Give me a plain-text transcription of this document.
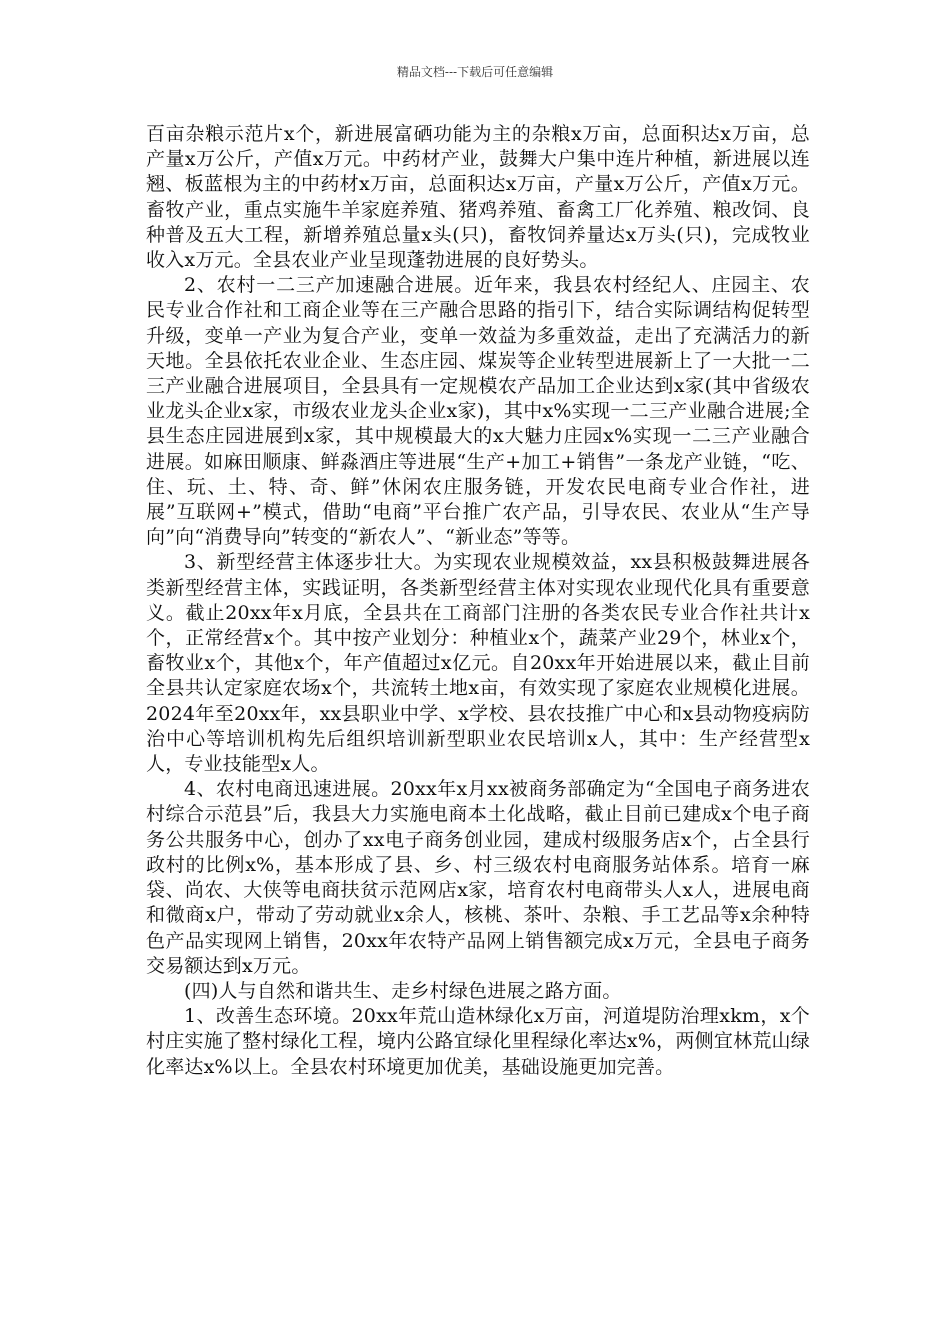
精品文档---下载后可任意编辑

百亩杂粮示范片x个，新进展富硒功能为主的杂粮x万亩，总面积达x万亩，总产量x万公斤，产值x万元。中药材产业，鼓舞大户集中连片种植，新进展以连翘、板蓝根为主的中药材x万亩，总面积达x万亩，产量x万公斤，产值x万元。畜牧产业，重点实施牛羊家庭养殖、猪鸡养殖、畜禽工厂化养殖、粮改饲、良种普及五大工程，新增养殖总量x头(只)，畜牧饲养量达x万头(只)，完成牧业收入x万元。全县农业产业呈现蓬勃进展的良好势头。

2、农村一二三产加速融合进展。近年来，我县农村经纪人、庄园主、农民专业合作社和工商企业等在三产融合思路的指引下，结合实际调结构促转型升级，变单一产业为复合产业，变单一效益为多重效益，走出了充满活力的新天地。全县依托农业企业、生态庄园、煤炭等企业转型进展新上了一大批一二三产业融合进展项目，全县具有一定规模农产品加工企业达到x家(其中省级农业龙头企业x家，市级农业龙头企业x家)，其中x%实现一二三产业融合进展;全县生态庄园进展到x家，其中规模最大的x大魅力庄园x%实现一二三产业融合进展。如麻田顺康、鲜淼酒庄等进展“生产+加工+销售”一条龙产业链，“吃、住、玩、土、特、奇、鲜”休闲农庄服务链，开发农民电商专业合作社，进展”互联网+”模式，借助“电商”平台推广农产品，引导农民、农业从“生产导向”向“消费导向”转变的“新农人”、“新业态”等等。

3、新型经营主体逐步壮大。为实现农业规模效益，xx县积极鼓舞进展各类新型经营主体，实践证明，各类新型经营主体对实现农业现代化具有重要意义。截止20xx年x月底，全县共在工商部门注册的各类农民专业合作社共计x个，正常经营x个。其中按产业划分：种植业x个，蔬菜产业29个，林业x个，畜牧业x个，其他x个，年产值超过x亿元。自20xx年开始进展以来，截止目前全县共认定家庭农场x个，共流转土地x亩，有效实现了家庭农业规模化进展。2024年至20xx年，xx县职业中学、x学校、县农技推广中心和x县动物疫病防治中心等培训机构先后组织培训新型职业农民培训x人，其中：生产经营型x人，专业技能型x人。

4、农村电商迅速进展。20xx年x月xx被商务部确定为“全国电子商务进农村综合示范县”后，我县大力实施电商本土化战略，截止目前已建成x个电子商务公共服务中心，创办了xx电子商务创业园，建成村级服务店x个，占全县行政村的比例x%，基本形成了县、乡、村三级农村电商服务站体系。培育一麻袋、尚农、大侠等电商扶贫示范网店x家，培育农村电商带头人x人，进展电商和微商x户，带动了劳动就业x余人，核桃、茶叶、杂粮、手工艺品等x余种特色产品实现网上销售，20xx年农特产品网上销售额完成x万元，全县电子商务交易额达到x万元。

(四)人与自然和谐共生、走乡村绿色进展之路方面。

1、改善生态环境。20xx年荒山造林绿化x万亩，河道堤防治理xkm，x个村庄实施了整村绿化工程，境内公路宜绿化里程绿化率达x%，两侧宜林荒山绿化率达x%以上。全县农村环境更加优美，基础设施更加完善。
